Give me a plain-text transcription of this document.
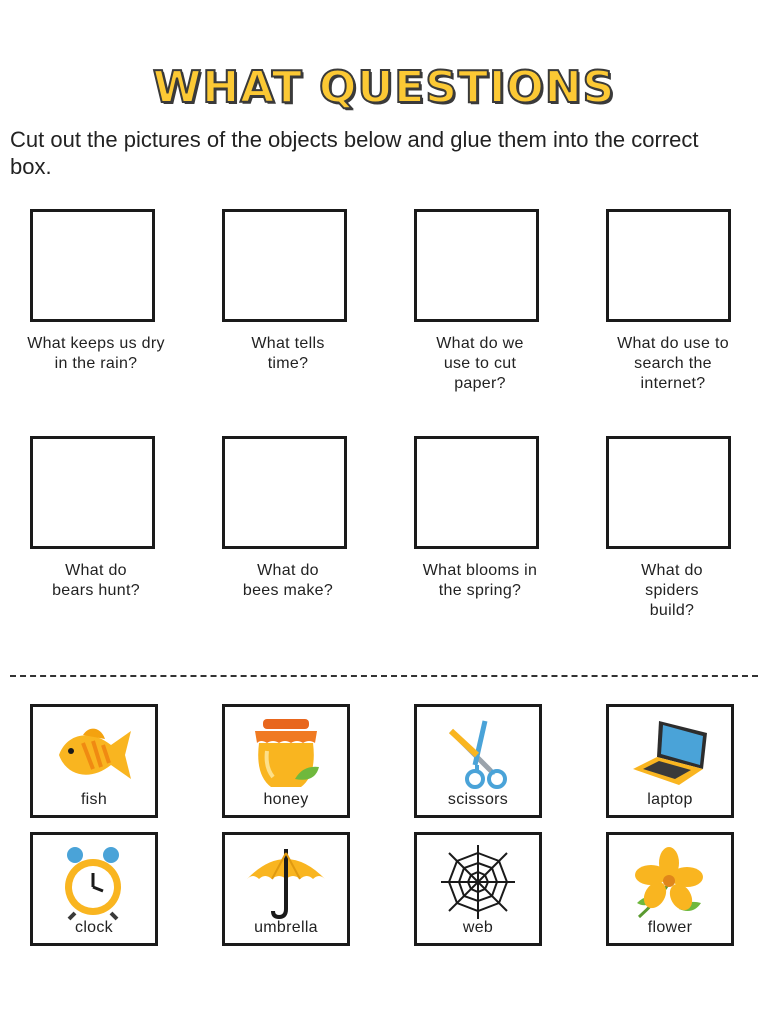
WHAT QUESTIONS
Cut out the pictures of the objects below and glue them into the correct box.
What keeps us dry in the rain?
What tells time?
What do we use to cut paper?
What do use to search the internet?
What do bears hunt?
What do bees make?
What blooms in the spring?
What do spiders build?
fish	honey	scissors	laptop
clock	umbrella	web	flower
